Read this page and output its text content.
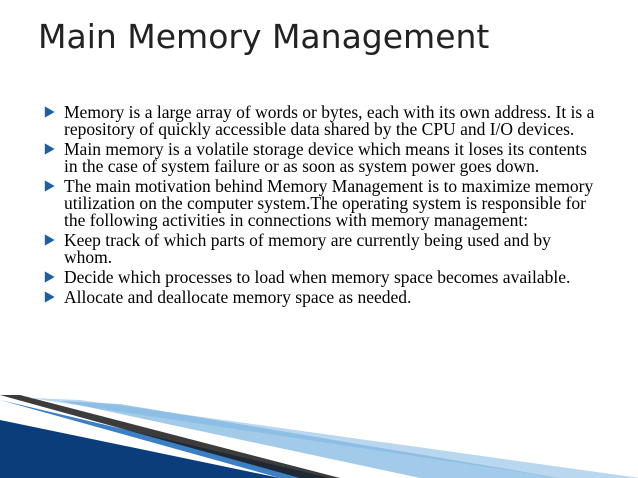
Main Memory Management
Memory is a large array of words or bytes, each with its own address. It is a repository of quickly accessible data shared by the CPU and I/O devices.
Main memory is a volatile storage device which means it loses its contents in the case of system failure or as soon as system power goes down.
The main motivation behind Memory Management is to maximize memory utilization on the computer system.The operating system is responsible for the following activities in connections with memory management:
Keep track of which parts of memory are currently being used and by whom.
Decide which processes to load when memory space becomes available.
Allocate and deallocate memory space as needed.
